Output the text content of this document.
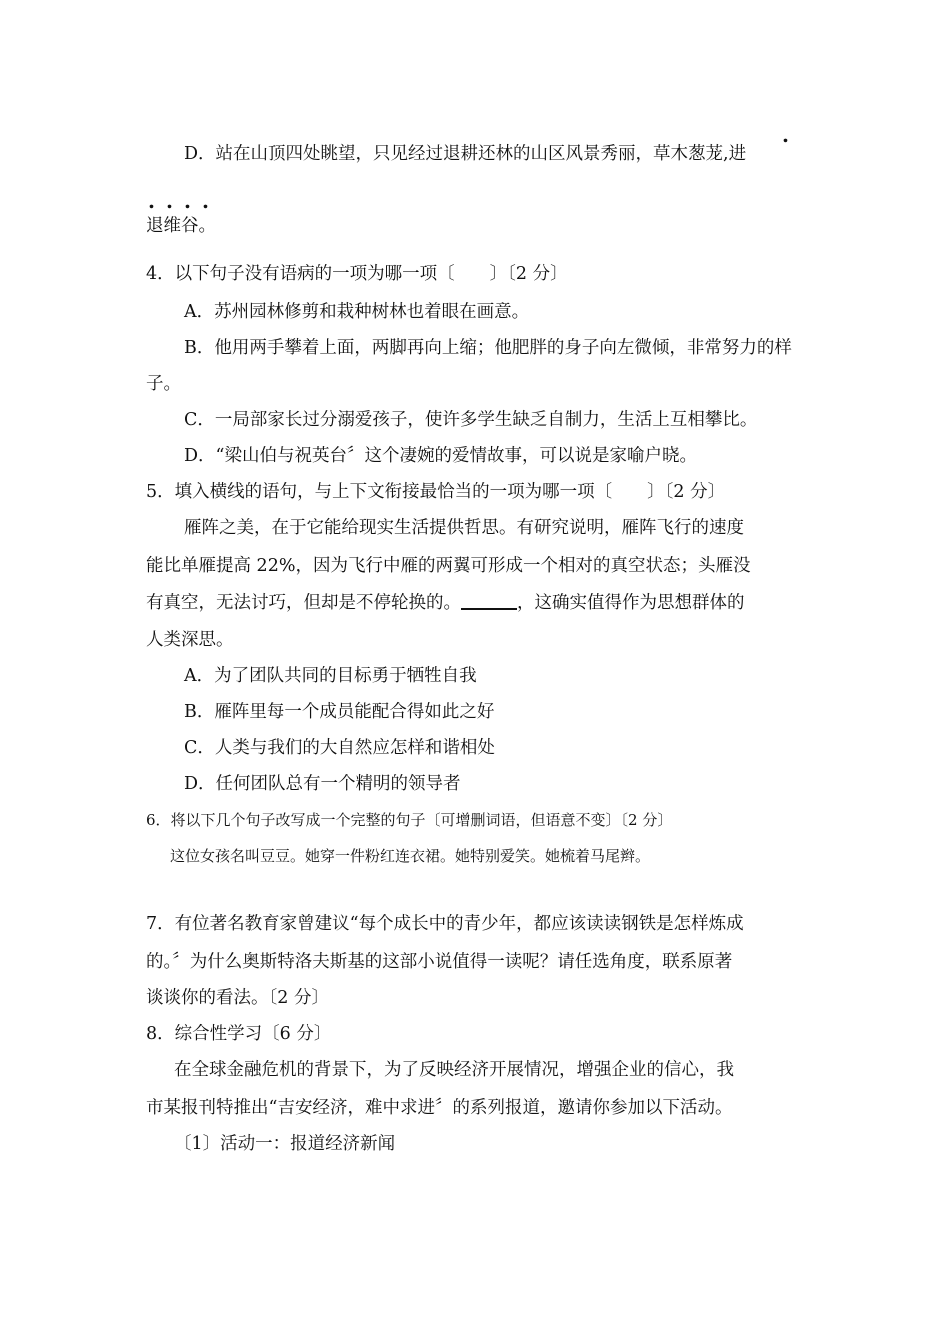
.
D．站在山顶四处眺望，只见经过退耕还林的山区风景秀丽，草木葱茏,进
. . . .
退维谷。
4．以下句子没有语病的一项为哪一项〔　　〕〔2 分〕
A．苏州园林修剪和栽种树林也着眼在画意。
B．他用两手攀着上面，两脚再向上缩；他肥胖的身子向左微倾，非常努力的样
子。
C．一局部家长过分溺爱孩子，使许多学生缺乏自制力，生活上互相攀比。
D．“梁山伯与祝英台〞这个凄婉的爱情故事，可以说是家喻户晓。
5．填入横线的语句，与上下文衔接最恰当的一项为哪一项〔　　〕〔2 分〕
雁阵之美，在于它能给现实生活提供哲思。有研究说明，雁阵飞行的速度
能比单雁提高 22%，因为飞行中雁的两翼可形成一个相对的真空状态；头雁没
有真空，无法讨巧，但却是不停轮换的。	，这确实值得作为思想群体的
人类深思。
A．为了团队共同的目标勇于牺牲自我
B．雁阵里每一个成员能配合得如此之好
C．人类与我们的大自然应怎样和谐相处
D．任何团队总有一个精明的领导者
6．将以下几个句子改写成一个完整的句子〔可增删词语，但语意不变〕〔2 分〕
这位女孩名叫豆豆。她穿一件粉红连衣裙。她特别爱笑。她梳着马尾辫。
7．有位著名教育家曾建议“每个成长中的青少年，都应该读读钢铁是怎样炼成
的。〞为什么奥斯特洛夫斯基的这部小说值得一读呢？请任选角度，联系原著
谈谈你的看法。〔2 分〕
8．综合性学习〔6 分〕
在全球金融危机的背景下，为了反映经济开展情况，增强企业的信心，我
市某报刊特推出“吉安经济，难中求进〞的系列报道，邀请你参加以下活动。
〔1〕活动一：报道经济新闻
